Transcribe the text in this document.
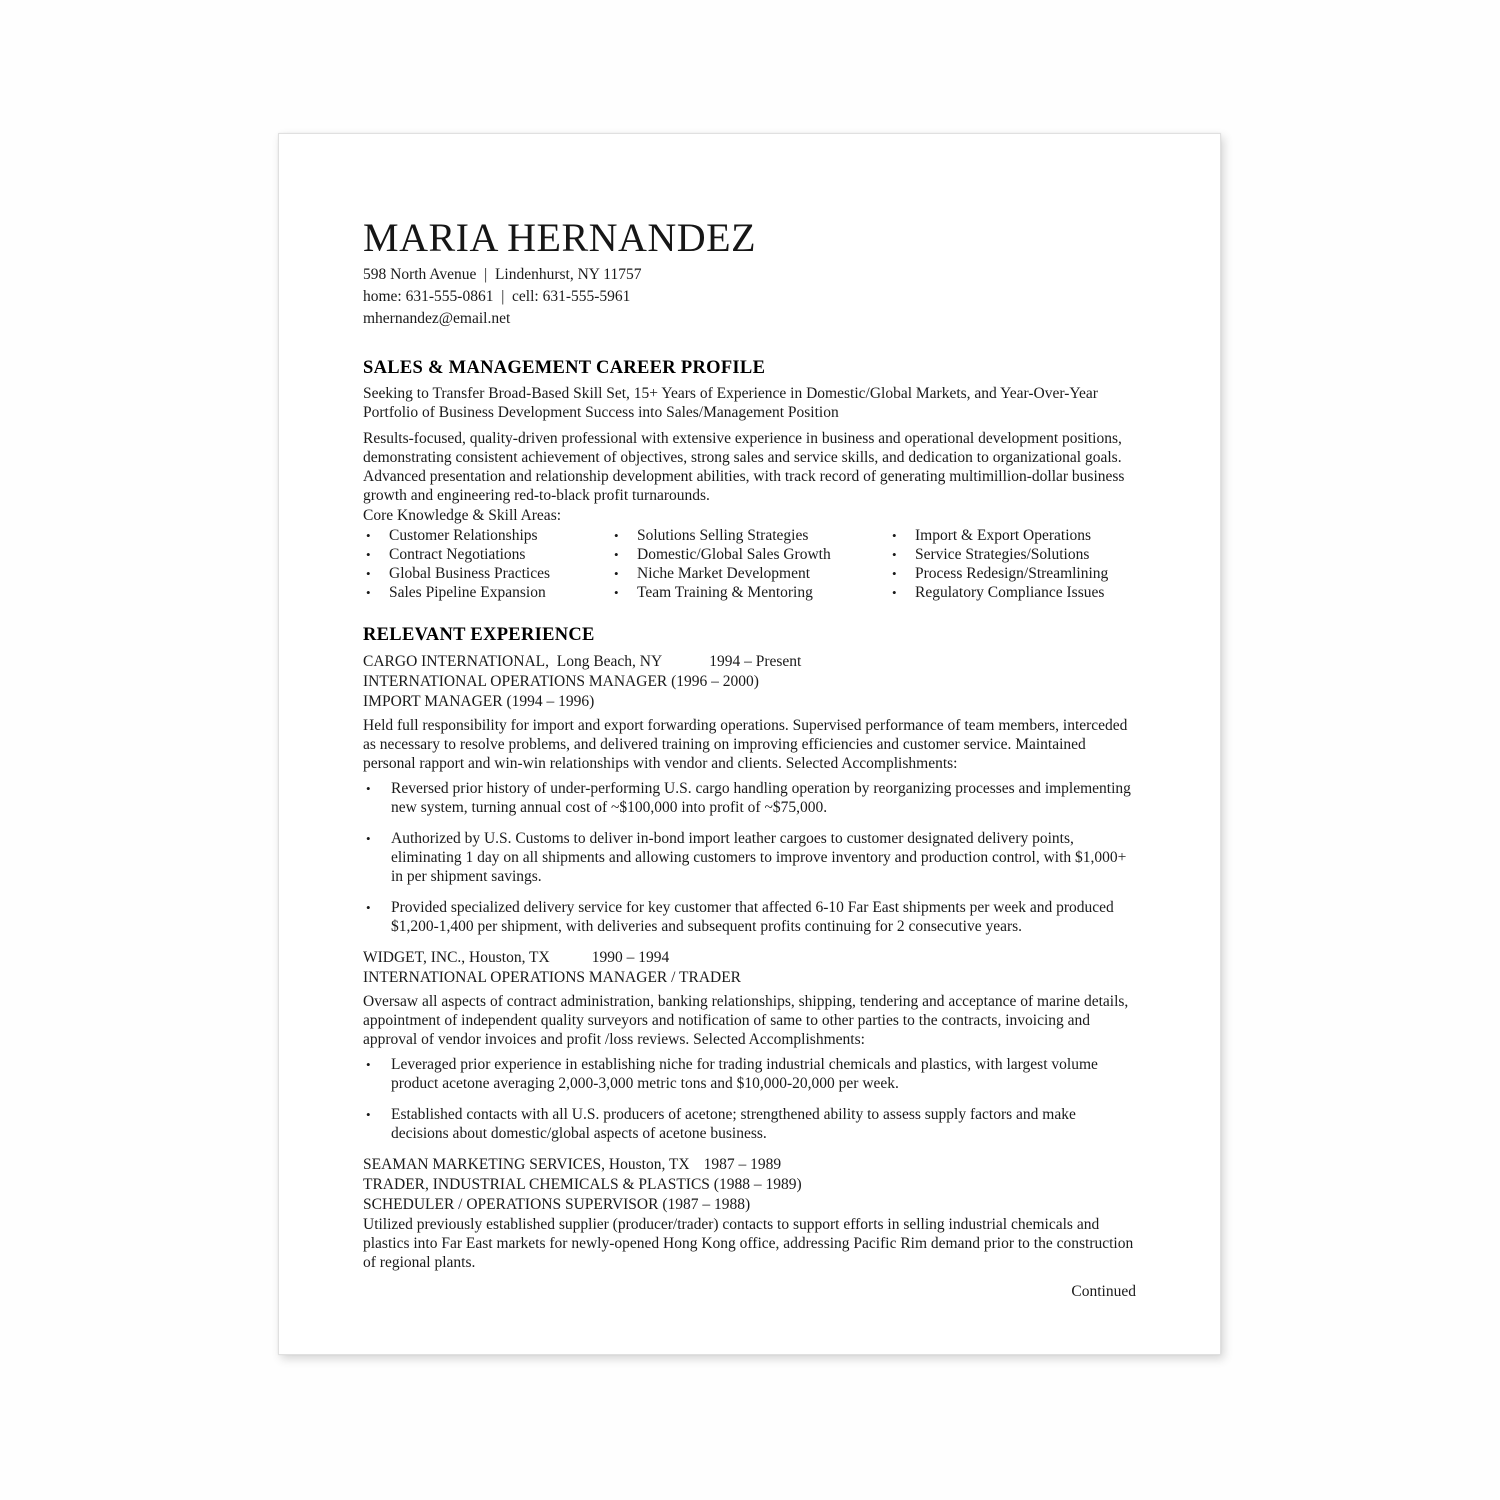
MARIA HERNANDEZ
598 North Avenue  |  Lindenhurst, NY 11757
home: 631-555-0861  |  cell: 631-555-5961
mhernandez@email.net
SALES & MANAGEMENT CAREER PROFILE

Seeking to Transfer Broad-Based Skill Set, 15+ Years of Experience in Domestic/Global Markets, and Year-Over-Year Portfolio of Business Development Success into Sales/Management Position

Results-focused, quality-driven professional with extensive experience in business and operational development positions, demonstrating consistent achievement of objectives, strong sales and service skills, and dedication to organizational goals. Advanced presentation and relationship development abilities, with track record of generating multimillion-dollar business growth and engineering red-to-black profit turnarounds.

Core Knowledge & Skill Areas:
•	Customer Relationships
•	Contract Negotiations
•	Global Business Practices
•	Sales Pipeline Expansion
•	Solutions Selling Strategies
•	Domestic/Global Sales Growth
•	Niche Market Development
•	Team Training & Mentoring
•	Import & Export Operations
•	Service Strategies/Solutions
•	Process Redesign/Streamlining
•	Regulatory Compliance Issues
RELEVANT EXPERIENCE
CARGO INTERNATIONAL,  Long Beach, NY	1994 – Present
INTERNATIONAL OPERATIONS MANAGER (1996 – 2000)
IMPORT MANAGER (1994 – 1996)

Held full responsibility for import and export forwarding operations. Supervised performance of team members, interceded as necessary to resolve problems, and delivered training on improving efficiencies and customer service. Maintained personal rapport and win-win relationships with vendor and clients. Selected Accomplishments:

•	Reversed prior history of under-performing U.S. cargo handling operation by reorganizing processes and implementing new system, turning annual cost of ~$100,000 into profit of ~$75,000.
•	Authorized by U.S. Customs to deliver in-bond import leather cargoes to customer designated delivery points, eliminating 1 day on all shipments and allowing customers to improve inventory and production control, with $1,000+ in per shipment savings.
•	Provided specialized delivery service for key customer that affected 6-10 Far East shipments per week and produced $1,200-1,400 per shipment, with deliveries and subsequent profits continuing for 2 consecutive years.
WIDGET, INC., Houston, TX	1990 – 1994
INTERNATIONAL OPERATIONS MANAGER / TRADER

Oversaw all aspects of contract administration, banking relationships, shipping, tendering and acceptance of marine details, appointment of independent quality surveyors and notification of same to other parties to the contracts, invoicing and approval of vendor invoices and profit /loss reviews. Selected Accomplishments:

•	Leveraged prior experience in establishing niche for trading industrial chemicals and plastics, with largest volume product acetone averaging 2,000-3,000 metric tons and $10,000-20,000 per week.
•	Established contacts with all U.S. producers of acetone; strengthened ability to assess supply factors and make decisions about domestic/global aspects of acetone business.
SEAMAN MARKETING SERVICES, Houston, TX 1987 – 1989
TRADER, INDUSTRIAL CHEMICALS & PLASTICS (1988 – 1989)
SCHEDULER / OPERATIONS SUPERVISOR (1987 – 1988)

Utilized previously established supplier (producer/trader) contacts to support efforts in selling industrial chemicals and plastics into Far East markets for newly-opened Hong Kong office, addressing Pacific Rim demand prior to the construction of regional plants.

Continued
